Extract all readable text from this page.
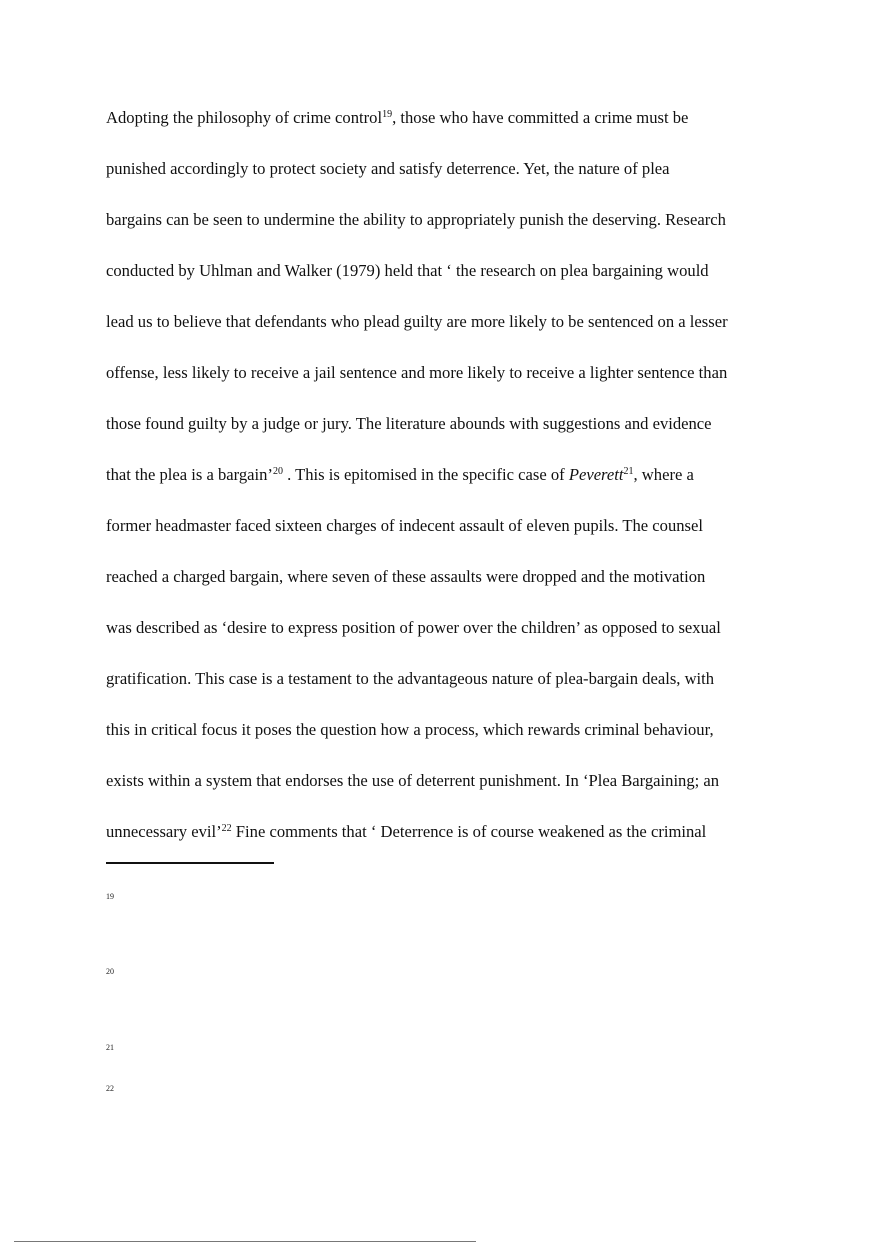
Adopting the philosophy of crime control$^{19}$, those who have committed a crime must be
punished accordingly to protect society and satisfy deterrence. Yet, the nature of plea
bargains can be seen to undermine the ability to appropriately punish the deserving. Research
conducted by Uhlman and Walker (1979) held that ‘ the research on plea bargaining would
lead us to believe that defendants who plead guilty are more likely to be sentenced on a lesser
offense, less likely to receive a jail sentence and more likely to receive a lighter sentence than
those found guilty by a judge or jury. The literature abounds with suggestions and evidence
that the plea is a bargain’$^{20}$ . This is epitomised in the specific case of Peverett$^{21}$, where a
former headmaster faced sixteen charges of indecent assault of eleven pupils. The counsel
reached a charged bargain, where seven of these assaults were dropped and the motivation
was described as ‘desire to express position of power over the children’ as opposed to sexual
gratification. This case is a testament to the advantageous nature of plea-bargain deals, with
this in critical focus it poses the question how a process, which rewards criminal behaviour,
exists within a system that endorses the use of deterrent punishment. In ‘Plea Bargaining; an
unnecessary evil’$^{22}$ Fine comments that ‘ Deterrence is of course weakened as the criminal
19
20
21
22
